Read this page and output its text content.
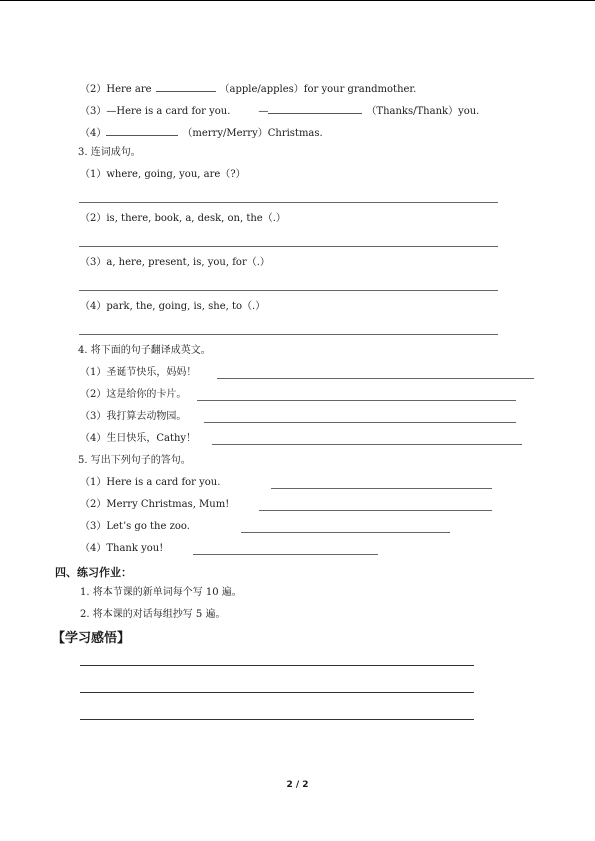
（2）Here are	（apple/apples）for your grandmother.
（3）—Here is a card for you.	—	（Thanks/Thank）you.
（4）	（merry/Merry）Christmas.
3. 连词成句。
（1）where, going, you, are（?）
（2）is, there, book, a, desk, on, the（.）
（3）a, here, present, is, you, for（.）
（4）park, the, going, is, she, to（.）
4. 将下面的句子翻译成英文。
（1）圣诞节快乐，妈妈！
（2）这是给你的卡片。
（3）我打算去动物园。
（4）生日快乐，Cathy！
5. 写出下列句子的答句。
（1）Here is a card for you.
（2）Merry Christmas, Mum!
（3）Let’s go the zoo.
（4）Thank you!
四、练习作业：
1. 将本节课的新单词每个写 10 遍。
2. 将本课的对话每组抄写 5 遍。
【学习感悟】
2 / 2
